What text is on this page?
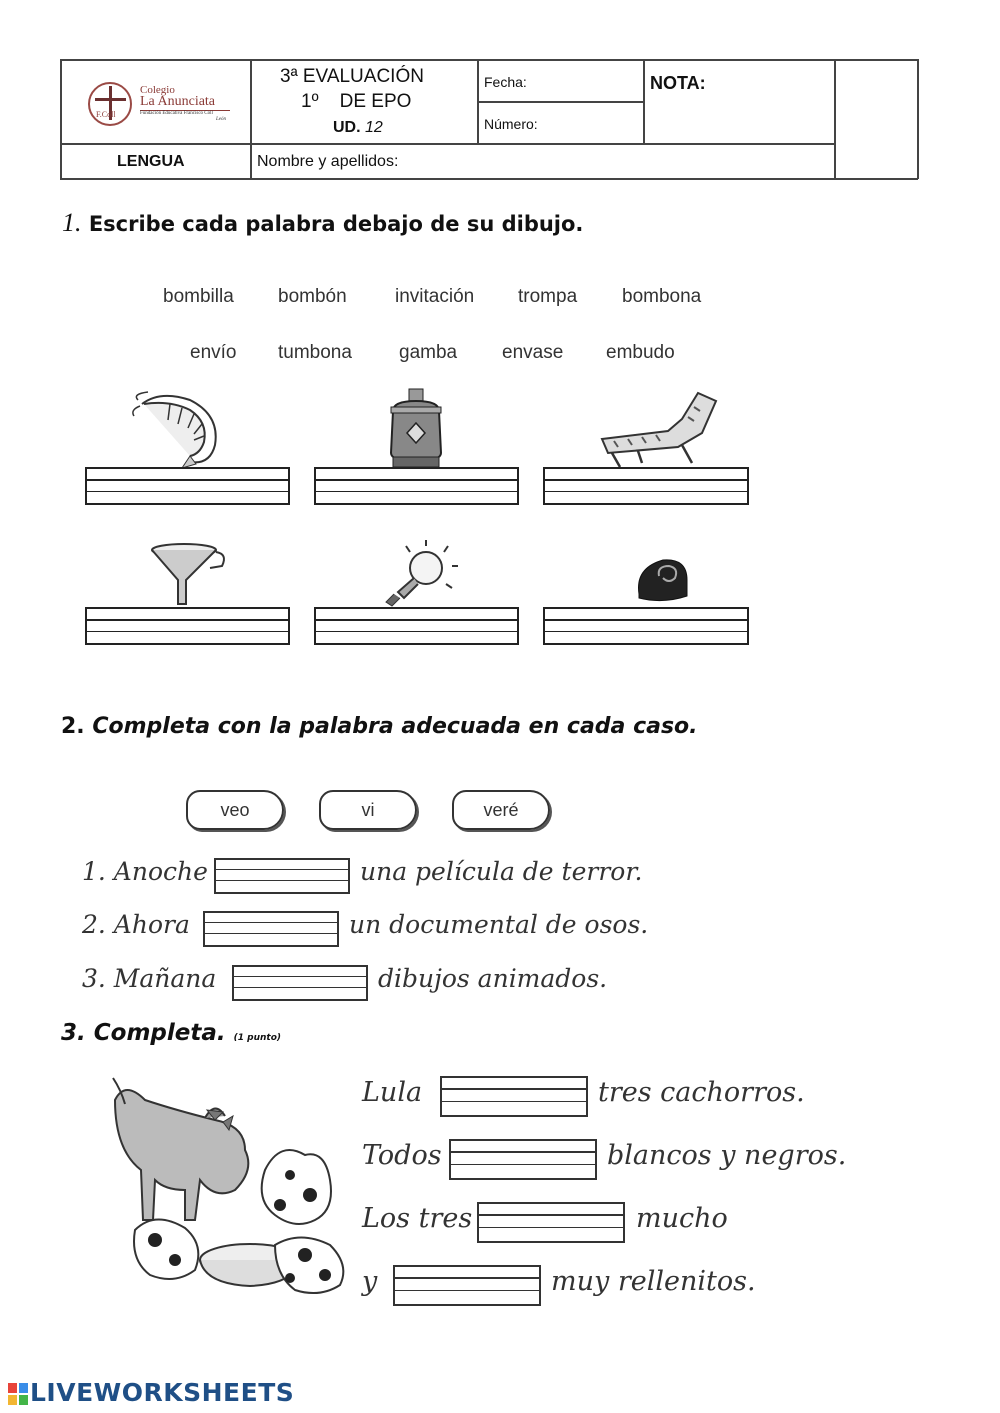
F.Coll
Colegio
La Anunciata
Fundación Educativa Francisco Coll
León
3ª EVALUACIÓN
1º    DE EPO
UD. 12
Fecha:
Número:
NOTA:
LENGUA	Nombre y apellidos:
1. Escribe cada palabra debajo de su dibujo.
bombilla bombón	invitación trompa bombona
envío tumbona gamba envase embudo
2. Completa con la palabra adecuada en cada caso.
veo	vi	veré
1. Anoche	una película de terror.
2. Ahora	un documental de osos.
3. Mañana	dibujos animados.
3. Completa. (1 punto)
Lula	tres cachorros.
Todos	blancos y negros.
Los tres	mucho
y	muy rellenitos.
LIVEWORKSHEETS
